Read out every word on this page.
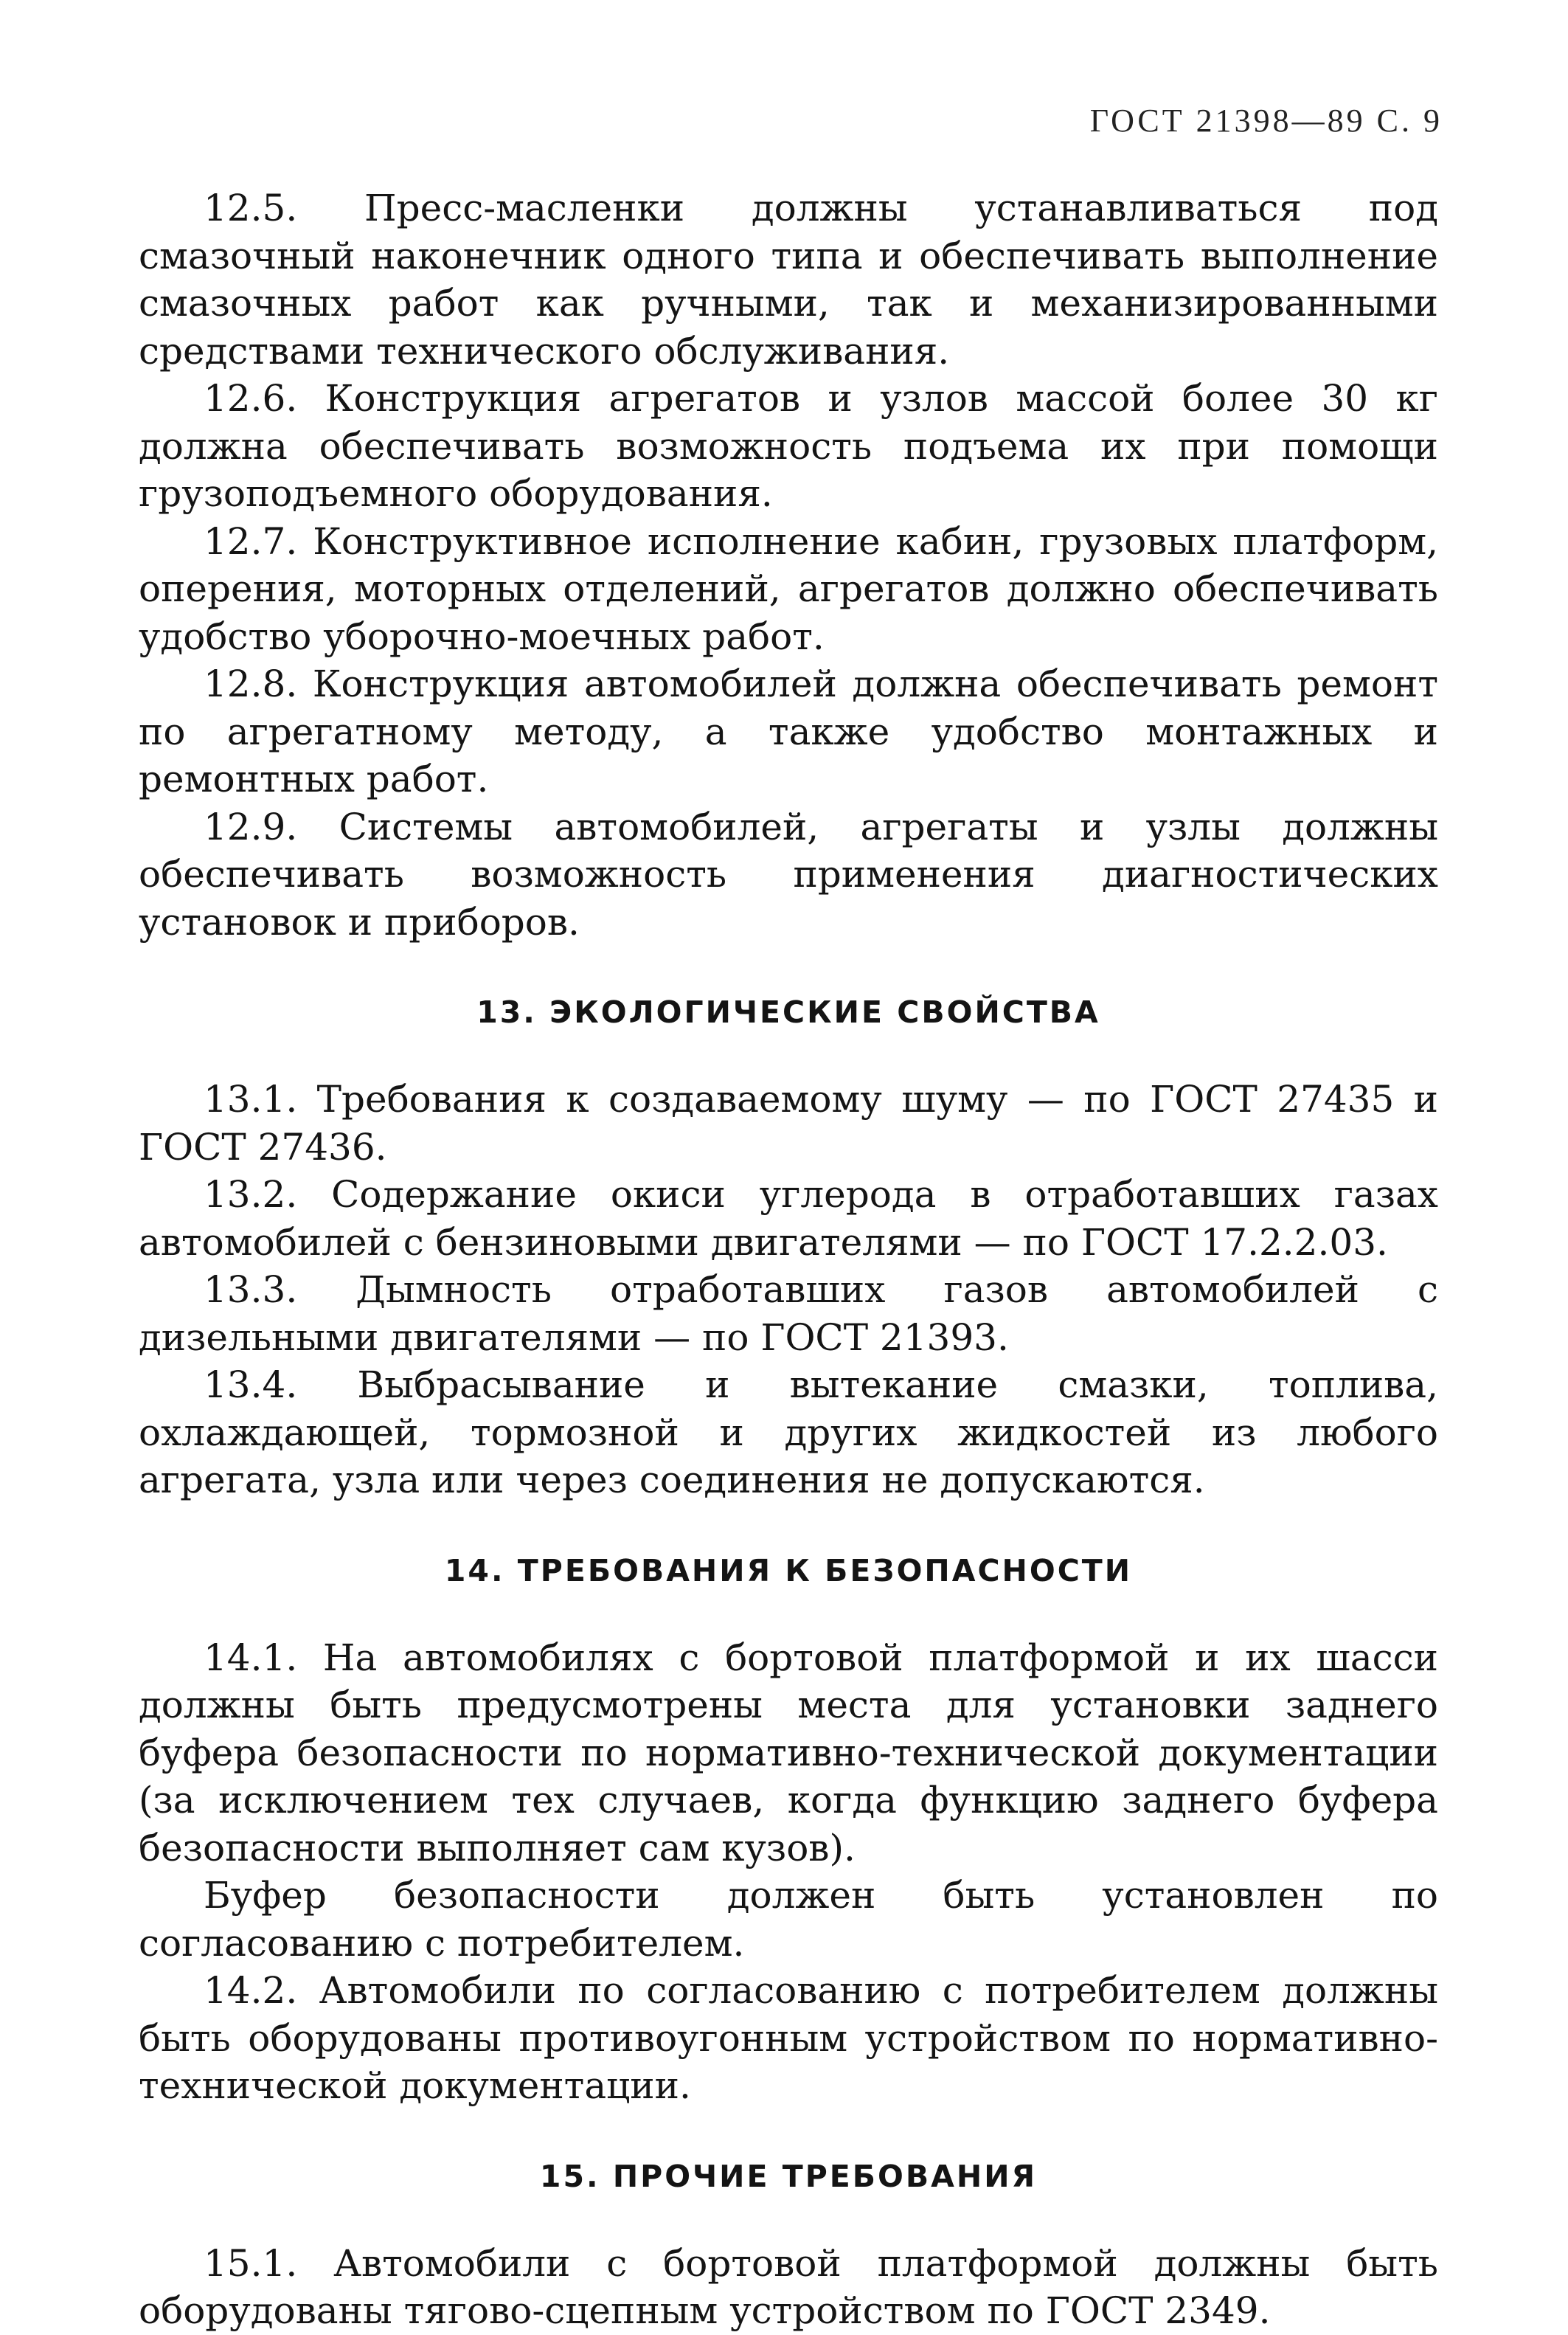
ГОСТ 21398—89 С. 9

12.5. Пресс-масленки должны устанавливаться под смазочный наконечник одного типа и обеспечивать выполнение смазочных работ как ручными, так и механизированными средствами технического обслуживания.

12.6. Конструкция агрегатов и узлов массой более 30 кг должна обеспечивать возможность подъема их при помощи грузоподъемного оборудования.

12.7. Конструктивное исполнение кабин, грузовых платформ, оперения, моторных отделений, агрегатов должно обеспечивать удобство уборочно-моечных работ.

12.8. Конструкция автомобилей должна обеспечивать ремонт по агрегатному методу, а также удобство монтажных и ремонтных работ.

12.9. Системы автомобилей, агрегаты и узлы должны обеспечивать возможность применения диагностических установок и приборов.

13. ЭКОЛОГИЧЕСКИЕ СВОЙСТВА

13.1. Требования к создаваемому шуму — по ГОСТ 27435 и ГОСТ 27436.

13.2. Содержание окиси углерода в отработавших газах автомобилей с бензиновыми двигателями — по ГОСТ 17.2.2.03.

13.3. Дымность отработавших газов автомобилей с дизельными двигателями — по ГОСТ 21393.

13.4. Выбрасывание и вытекание смазки, топлива, охлаждающей, тормозной и других жидкостей из любого агрегата, узла или через соединения не допускаются.

14. ТРЕБОВАНИЯ К БЕЗОПАСНОСТИ

14.1. На автомобилях с бортовой платформой и их шасси должны быть предусмотрены места для установки заднего буфера безопасности по нормативно-технической документации (за исключением тех случаев, когда функцию заднего буфера безопасности выполняет сам кузов).

Буфер безопасности должен быть установлен по согласованию с потребителем.

14.2. Автомобили по согласованию с потребителем должны быть оборудованы противоугонным устройством по нормативно-технической документации.

15. ПРОЧИЕ ТРЕБОВАНИЯ

15.1. Автомобили с бортовой платформой должны быть оборудованы тягово-сцепным устройством по ГОСТ 2349.
